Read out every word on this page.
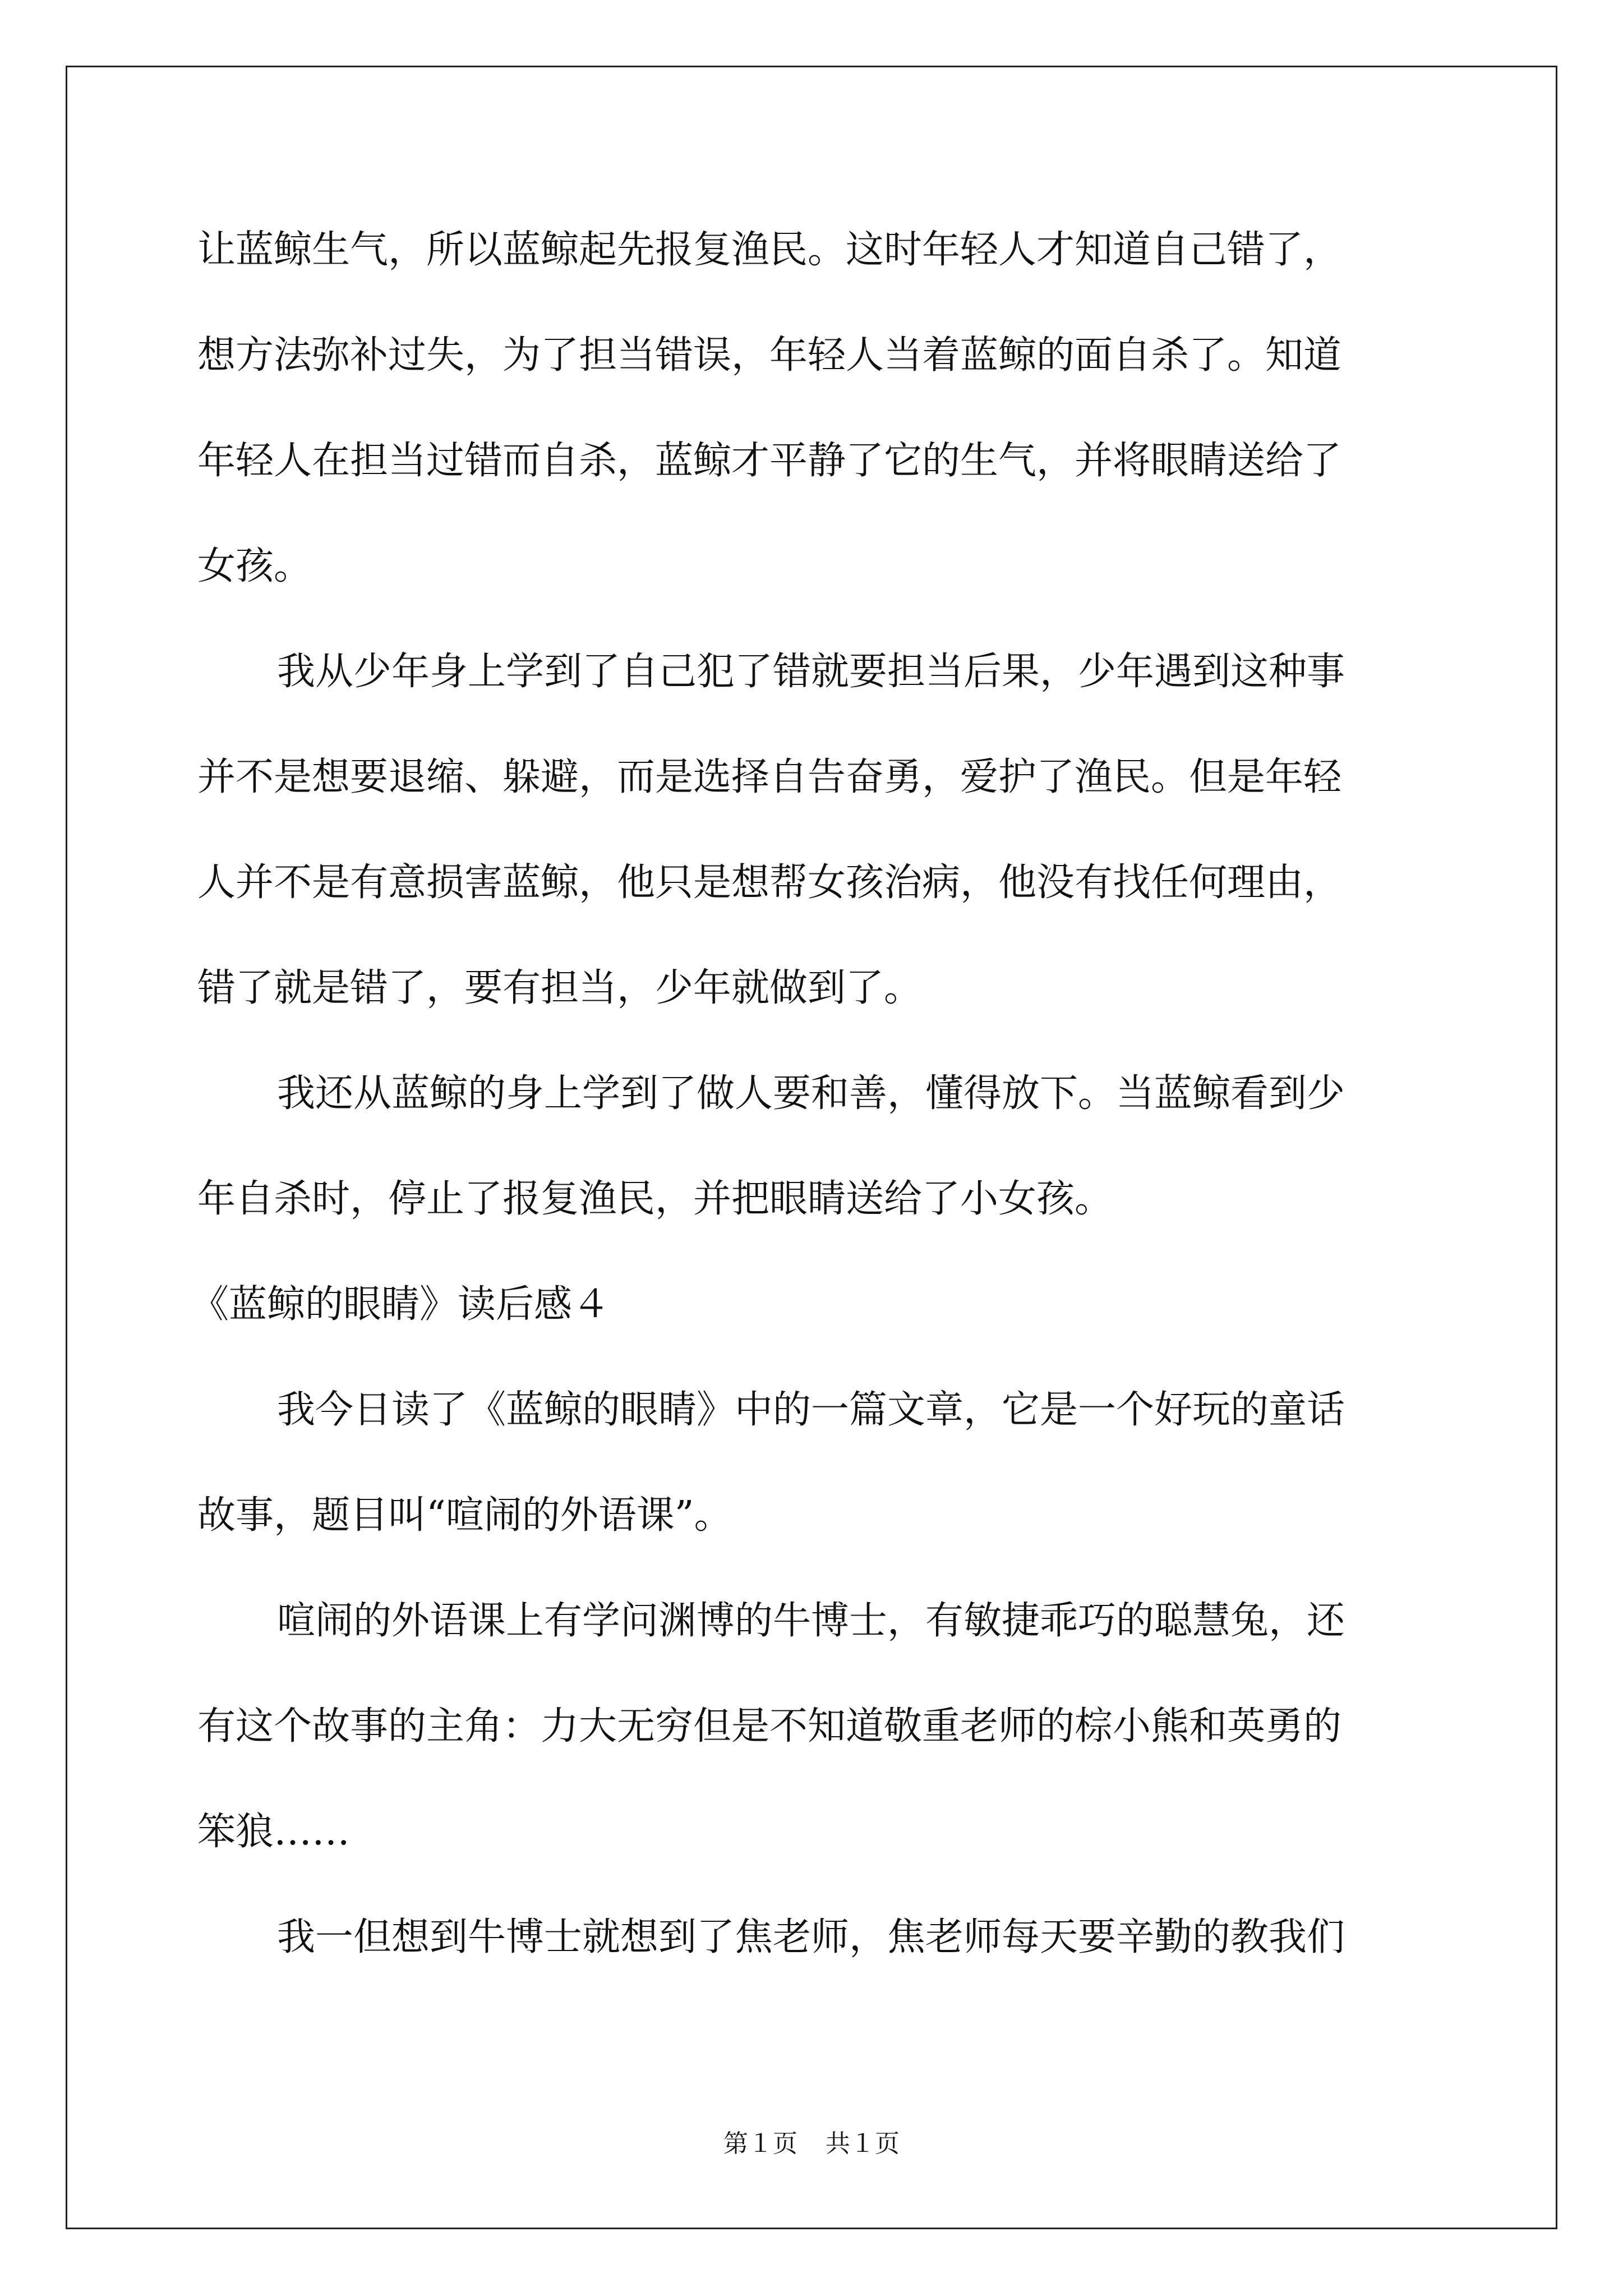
让蓝鲸生气，所以蓝鲸起先报复渔民。这时年轻人才知道自己错了，
想方法弥补过失，为了担当错误，年轻人当着蓝鲸的面自杀了。知道
年轻人在担当过错而自杀，蓝鲸才平静了它的生气，并将眼睛送给了
女孩。
我从少年身上学到了自己犯了错就要担当后果，少年遇到这种事
并不是想要退缩、躲避，而是选择自告奋勇，爱护了渔民。但是年轻
人并不是有意损害蓝鲸，他只是想帮女孩治病，他没有找任何理由，
错了就是错了，要有担当，少年就做到了。
我还从蓝鲸的身上学到了做人要和善，懂得放下。当蓝鲸看到少
年自杀时，停止了报复渔民，并把眼睛送给了小女孩。
《蓝鲸的眼睛》读后感４
我今日读了《蓝鲸的眼睛》中的一篇文章，它是一个好玩的童话
故事，题目叫“喧闹的外语课”。
喧闹的外语课上有学问渊博的牛博士，有敏捷乖巧的聪慧兔，还
有这个故事的主角：力大无穷但是不知道敬重老师的棕小熊和英勇的
笨狼……
我一但想到牛博士就想到了焦老师，焦老师每天要辛勤的教我们
第１页 共１页
